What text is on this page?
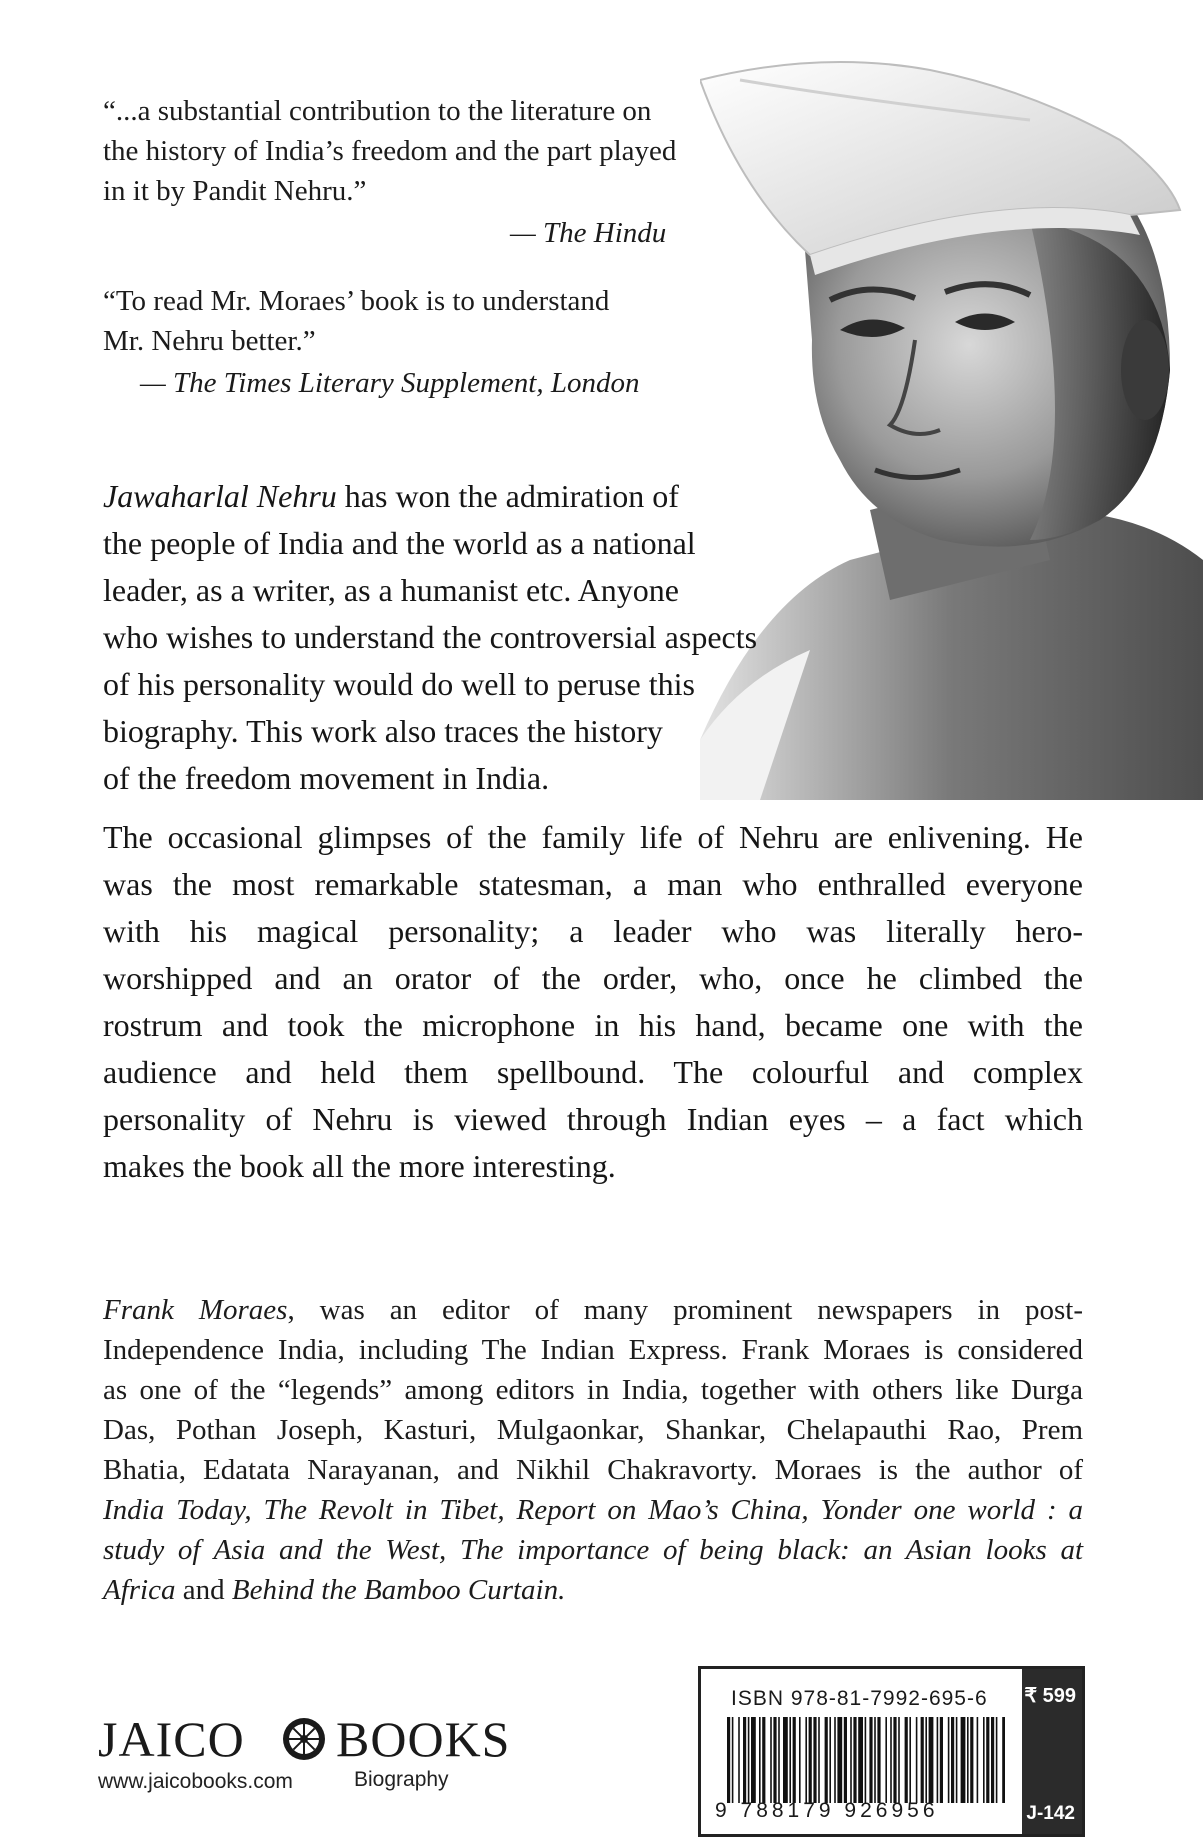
“...a substantial contribution to the literature on

the history of India’s freedom and the part played

in it by Pandit Nehru.”

— The Hindu

“To read Mr. Moraes’ book is to understand

Mr. Nehru better.”

— The Times Literary Supplement, London
Jawaharlal Nehru has won the admiration of
the people of India and the world as a national
leader, as a writer, as a humanist etc. Anyone
who wishes to understand the controversial aspects
of his personality would do well to peruse this
biography. This work also traces the history
of the freedom movement in India.
The occasional glimpses of the family life of Nehru are enlivening. He
was the most remarkable statesman, a man who enthralled everyone
with his magical personality; a leader who was literally hero-
worshipped and an orator of the order, who, once he climbed the
rostrum and took the microphone in his hand, became one with the
audience and held them spellbound. The colourful and complex
personality of Nehru is viewed through Indian eyes – a fact which
makes the book all the more interesting.
Frank Moraes, was an editor of many prominent newspapers in post-
Independence India, including The Indian Express. Frank Moraes is considered
as one of the “legends” among editors in India, together with others like Durga
Das, Pothan Joseph, Kasturi, Mulgaonkar, Shankar, Chelapauthi Rao, Prem
Bhatia, Edatata Narayanan, and Nikhil Chakravorty. Moraes is the author of
India Today, The Revolt in Tibet, Report on Mao’s China, Yonder one world : a
study of Asia and the West, The importance of being black: an Asian looks at
Africa and Behind the Bamboo Curtain.
JAICO BOOKS
www.jaicobooks.com	Biography
ISBN 978-81-7992-695-6
9 788179 926956
₹ 599
J-142
